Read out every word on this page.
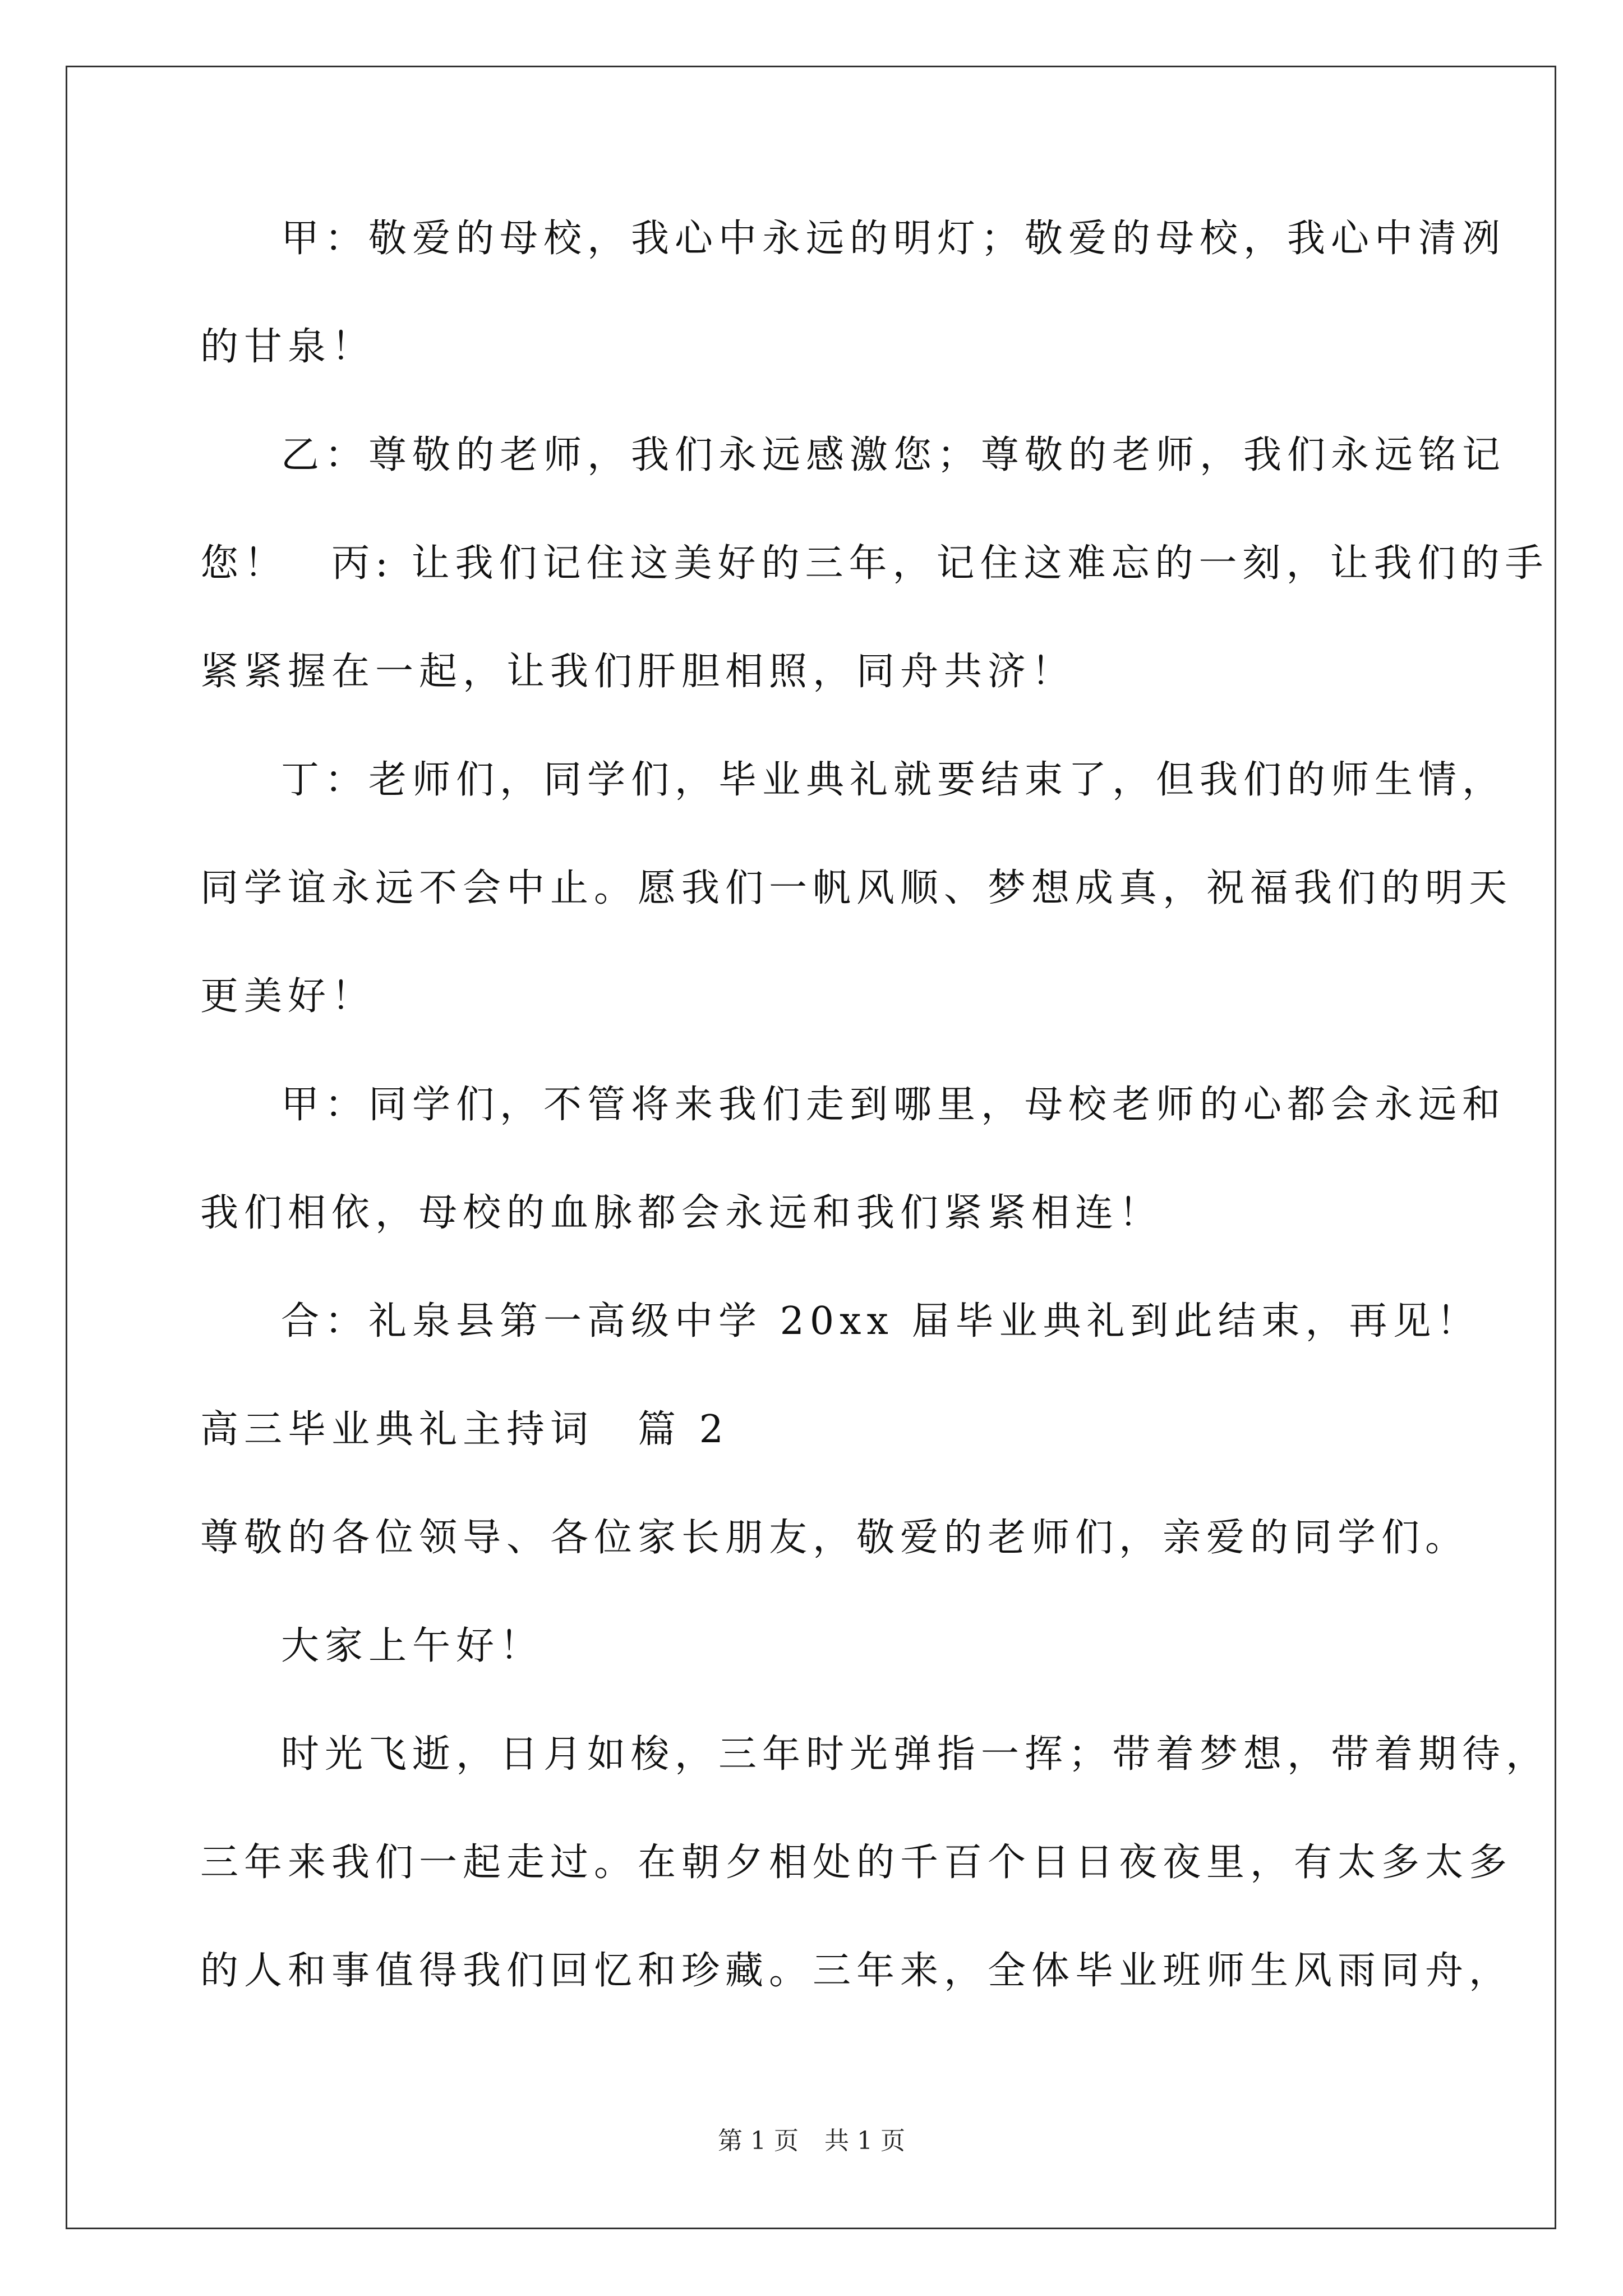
甲：敬爱的母校，我心中永远的明灯；敬爱的母校，我心中清冽
的甘泉！
乙：尊敬的老师，我们永远感激您；尊敬的老师，我们永远铭记
您！　丙: 让我们记住这美好的三年，记住这难忘的一刻，让我们的手
紧紧握在一起，让我们肝胆相照，同舟共济！
丁：老师们，同学们，毕业典礼就要结束了，但我们的师生情，
同学谊永远不会中止。愿我们一帆风顺、梦想成真，祝福我们的明天
更美好！
甲：同学们，不管将来我们走到哪里，母校老师的心都会永远和
我们相依，母校的血脉都会永远和我们紧紧相连！
合：礼泉县第一高级中学 20xx 届毕业典礼到此结束，再见！
高三毕业典礼主持词　篇 2
尊敬的各位领导、各位家长朋友，敬爱的老师们，亲爱的同学们。
大家上午好！
时光飞逝，日月如梭，三年时光弹指一挥；带着梦想，带着期待，
三年来我们一起走过。在朝夕相处的千百个日日夜夜里，有太多太多
的人和事值得我们回忆和珍藏。三年来，全体毕业班师生风雨同舟，
第 1 页 共 1 页
